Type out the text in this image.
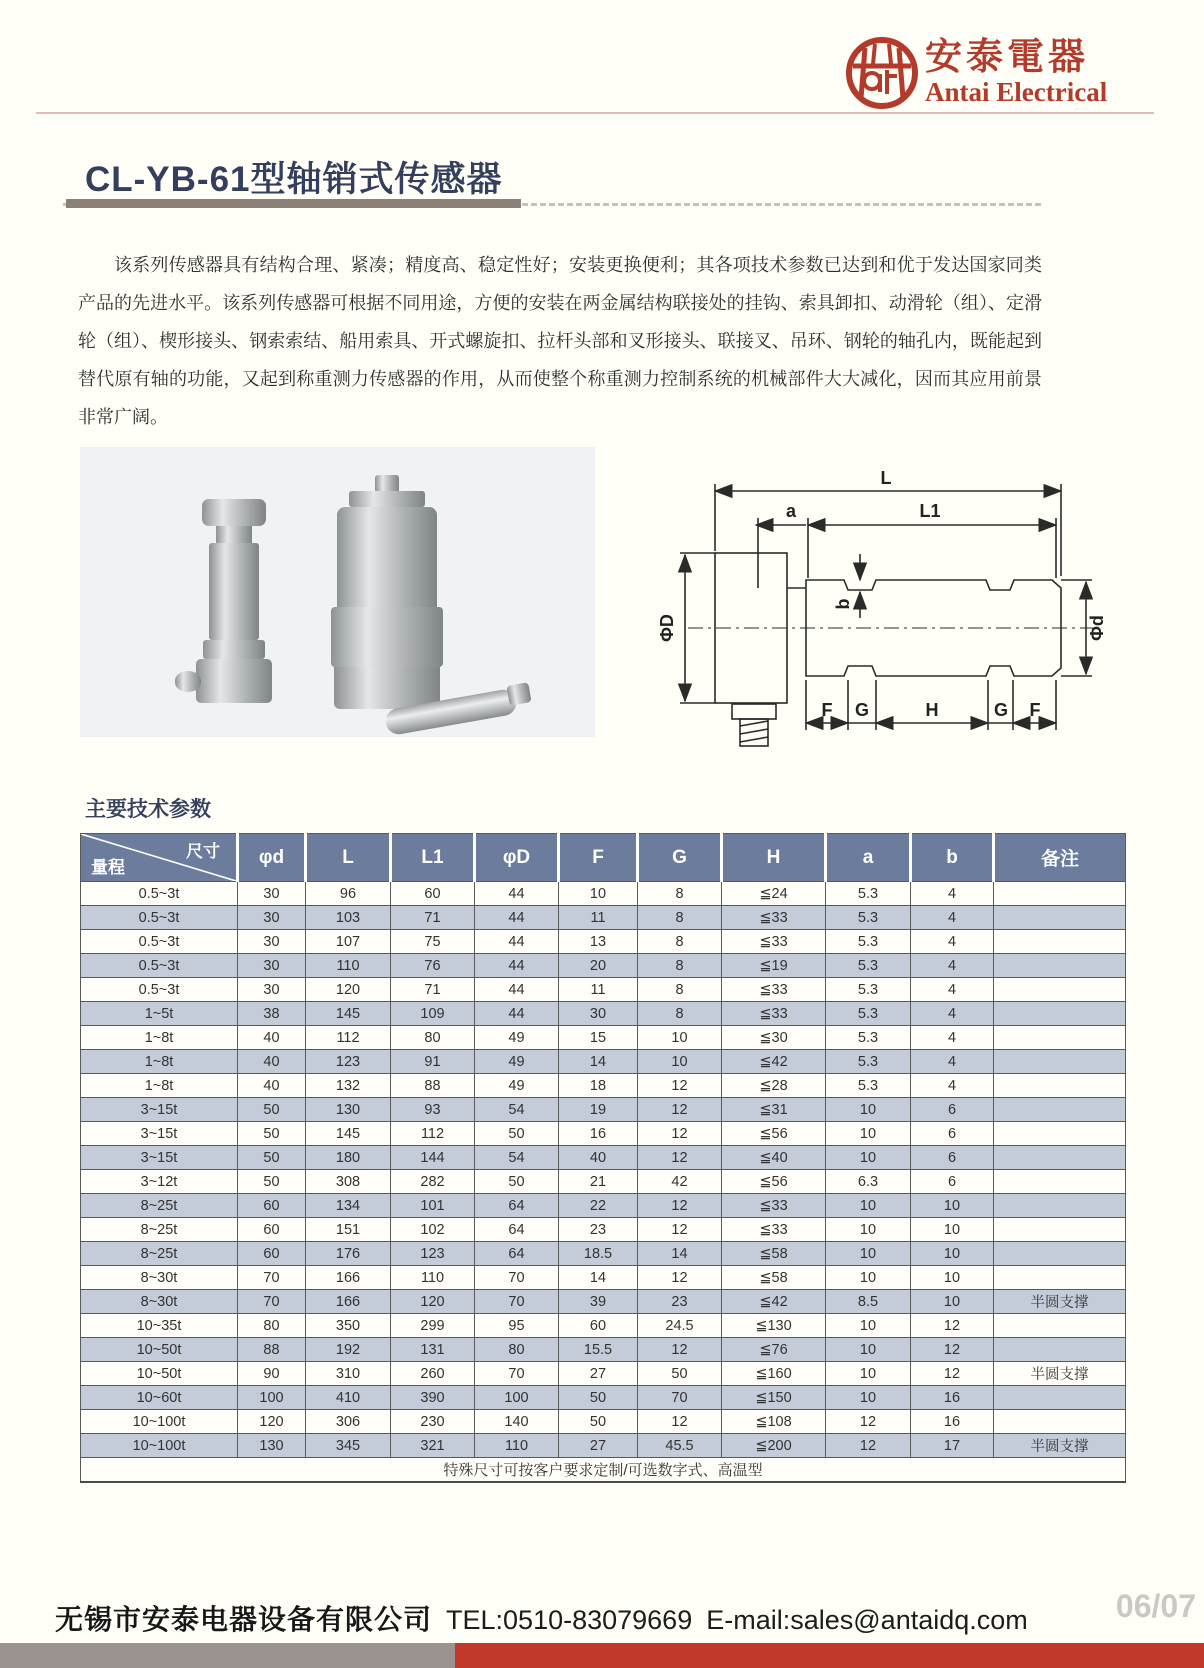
安泰電器
Antai Electrical
CL-YB-61型轴销式传感器

该系列传感器具有结构合理、紧凑；精度高、稳定性好；安装更换便利；其各项技术参数已达到和优于发达国家同类产品的先进水平。该系列传感器可根据不同用途，方便的安装在两金属结构联接处的挂钩、索具卸扣、动滑轮（组）、定滑轮（组）、楔形接头、钢索索结、船用索具、开式螺旋扣、拉杆头部和叉形接头、联接叉、吊环、钢轮的轴孔内，既能起到替代原有轴的功能，又起到称重测力传感器的作用，从而使整个称重测力控制系统的机械部件大大减化，因而其应用前景非常广阔。

L
a	L1
b
ΦD	Φd
F G	H	G F
主要技术参数
尺寸
量程	φd	L	L1	φD	F	G	H	a	b	备注
0.5~3t	30	96	60	44	10	8	≦24	5.3	4	
0.5~3t	30	103	71	44	11	8	≦33	5.3	4	
0.5~3t	30	107	75	44	13	8	≦33	5.3	4	
0.5~3t	30	110	76	44	20	8	≦19	5.3	4	
0.5~3t	30	120	71	44	11	8	≦33	5.3	4	
1~5t	38	145	109	44	30	8	≦33	5.3	4	
1~8t	40	112	80	49	15	10	≦30	5.3	4	
1~8t	40	123	91	49	14	10	≦42	5.3	4	
1~8t	40	132	88	49	18	12	≦28	5.3	4	
3~15t	50	130	93	54	19	12	≦31	10	6	
3~15t	50	145	112	50	16	12	≦56	10	6	
3~15t	50	180	144	54	40	12	≦40	10	6	
3~12t	50	308	282	50	21	42	≦56	6.3	6	
8~25t	60	134	101	64	22	12	≦33	10	10	
8~25t	60	151	102	64	23	12	≦33	10	10	
8~25t	60	176	123	64	18.5	14	≦58	10	10	
8~30t	70	166	110	70	14	12	≦58	10	10	
8~30t	70	166	120	70	39	23	≦42	8.5	10	半圆支撑
10~35t	80	350	299	95	60	24.5	≦130	10	12	
10~50t	88	192	131	80	15.5	12	≦76	10	12	
10~50t	90	310	260	70	27	50	≦160	10	12	半圆支撑
10~60t	100	410	390	100	50	70	≦150	10	16	
10~100t	120	306	230	140	50	12	≦108	12	16	
10~100t	130	345	321	110	27	45.5	≦200	12	17	半圆支撑
特殊尺寸可按客户要求定制/可选数字式、高温型										
无锡市安泰电器设备有限公司 TEL:0510-83079669 E-mail:sales@antaidq.com	06/07
